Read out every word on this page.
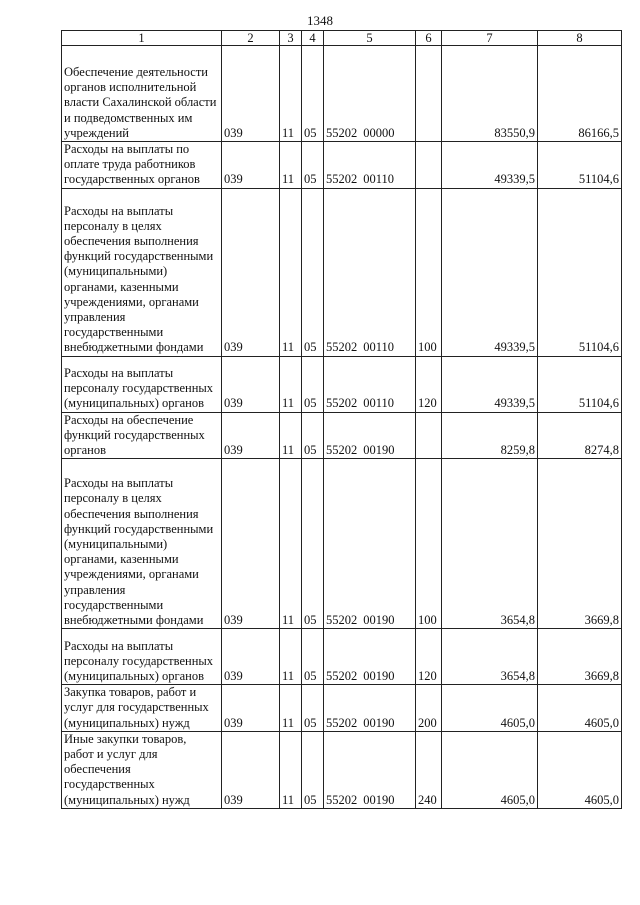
1348
1	2	3	4	5	6	7	8
Обеспечение деятельности органов исполнительной власти Сахалинской области и подведомственных им учреждений	039	11	05	55202 00000		83550,9	86166,5
Расходы на выплаты по оплате труда работников государственных органов	039	11	05	55202 00110		49339,5	51104,6
Расходы на выплаты персоналу в целях обеспечения выполнения функций государственными (муниципальными) органами, казенными учреждениями, органами управления государственными внебюджетными фондами	039	11	05	55202 00110	100	49339,5	51104,6
Расходы на выплаты персоналу государственных (муниципальных) органов	039	11	05	55202 00110	120	49339,5	51104,6
Расходы на обеспечение функций государственных органов	039	11	05	55202 00190		8259,8	8274,8
Расходы на выплаты персоналу в целях обеспечения выполнения функций государственными (муниципальными) органами, казенными учреждениями, органами управления государственными внебюджетными фондами	039	11	05	55202 00190	100	3654,8	3669,8
Расходы на выплаты персоналу государственных (муниципальных) органов	039	11	05	55202 00190	120	3654,8	3669,8
Закупка товаров, работ и услуг для государственных (муниципальных) нужд	039	11	05	55202 00190	200	4605,0	4605,0
Иные закупки товаров, работ и услуг для обеспечения государственных (муниципальных) нужд	039	11	05	55202 00190	240	4605,0	4605,0
